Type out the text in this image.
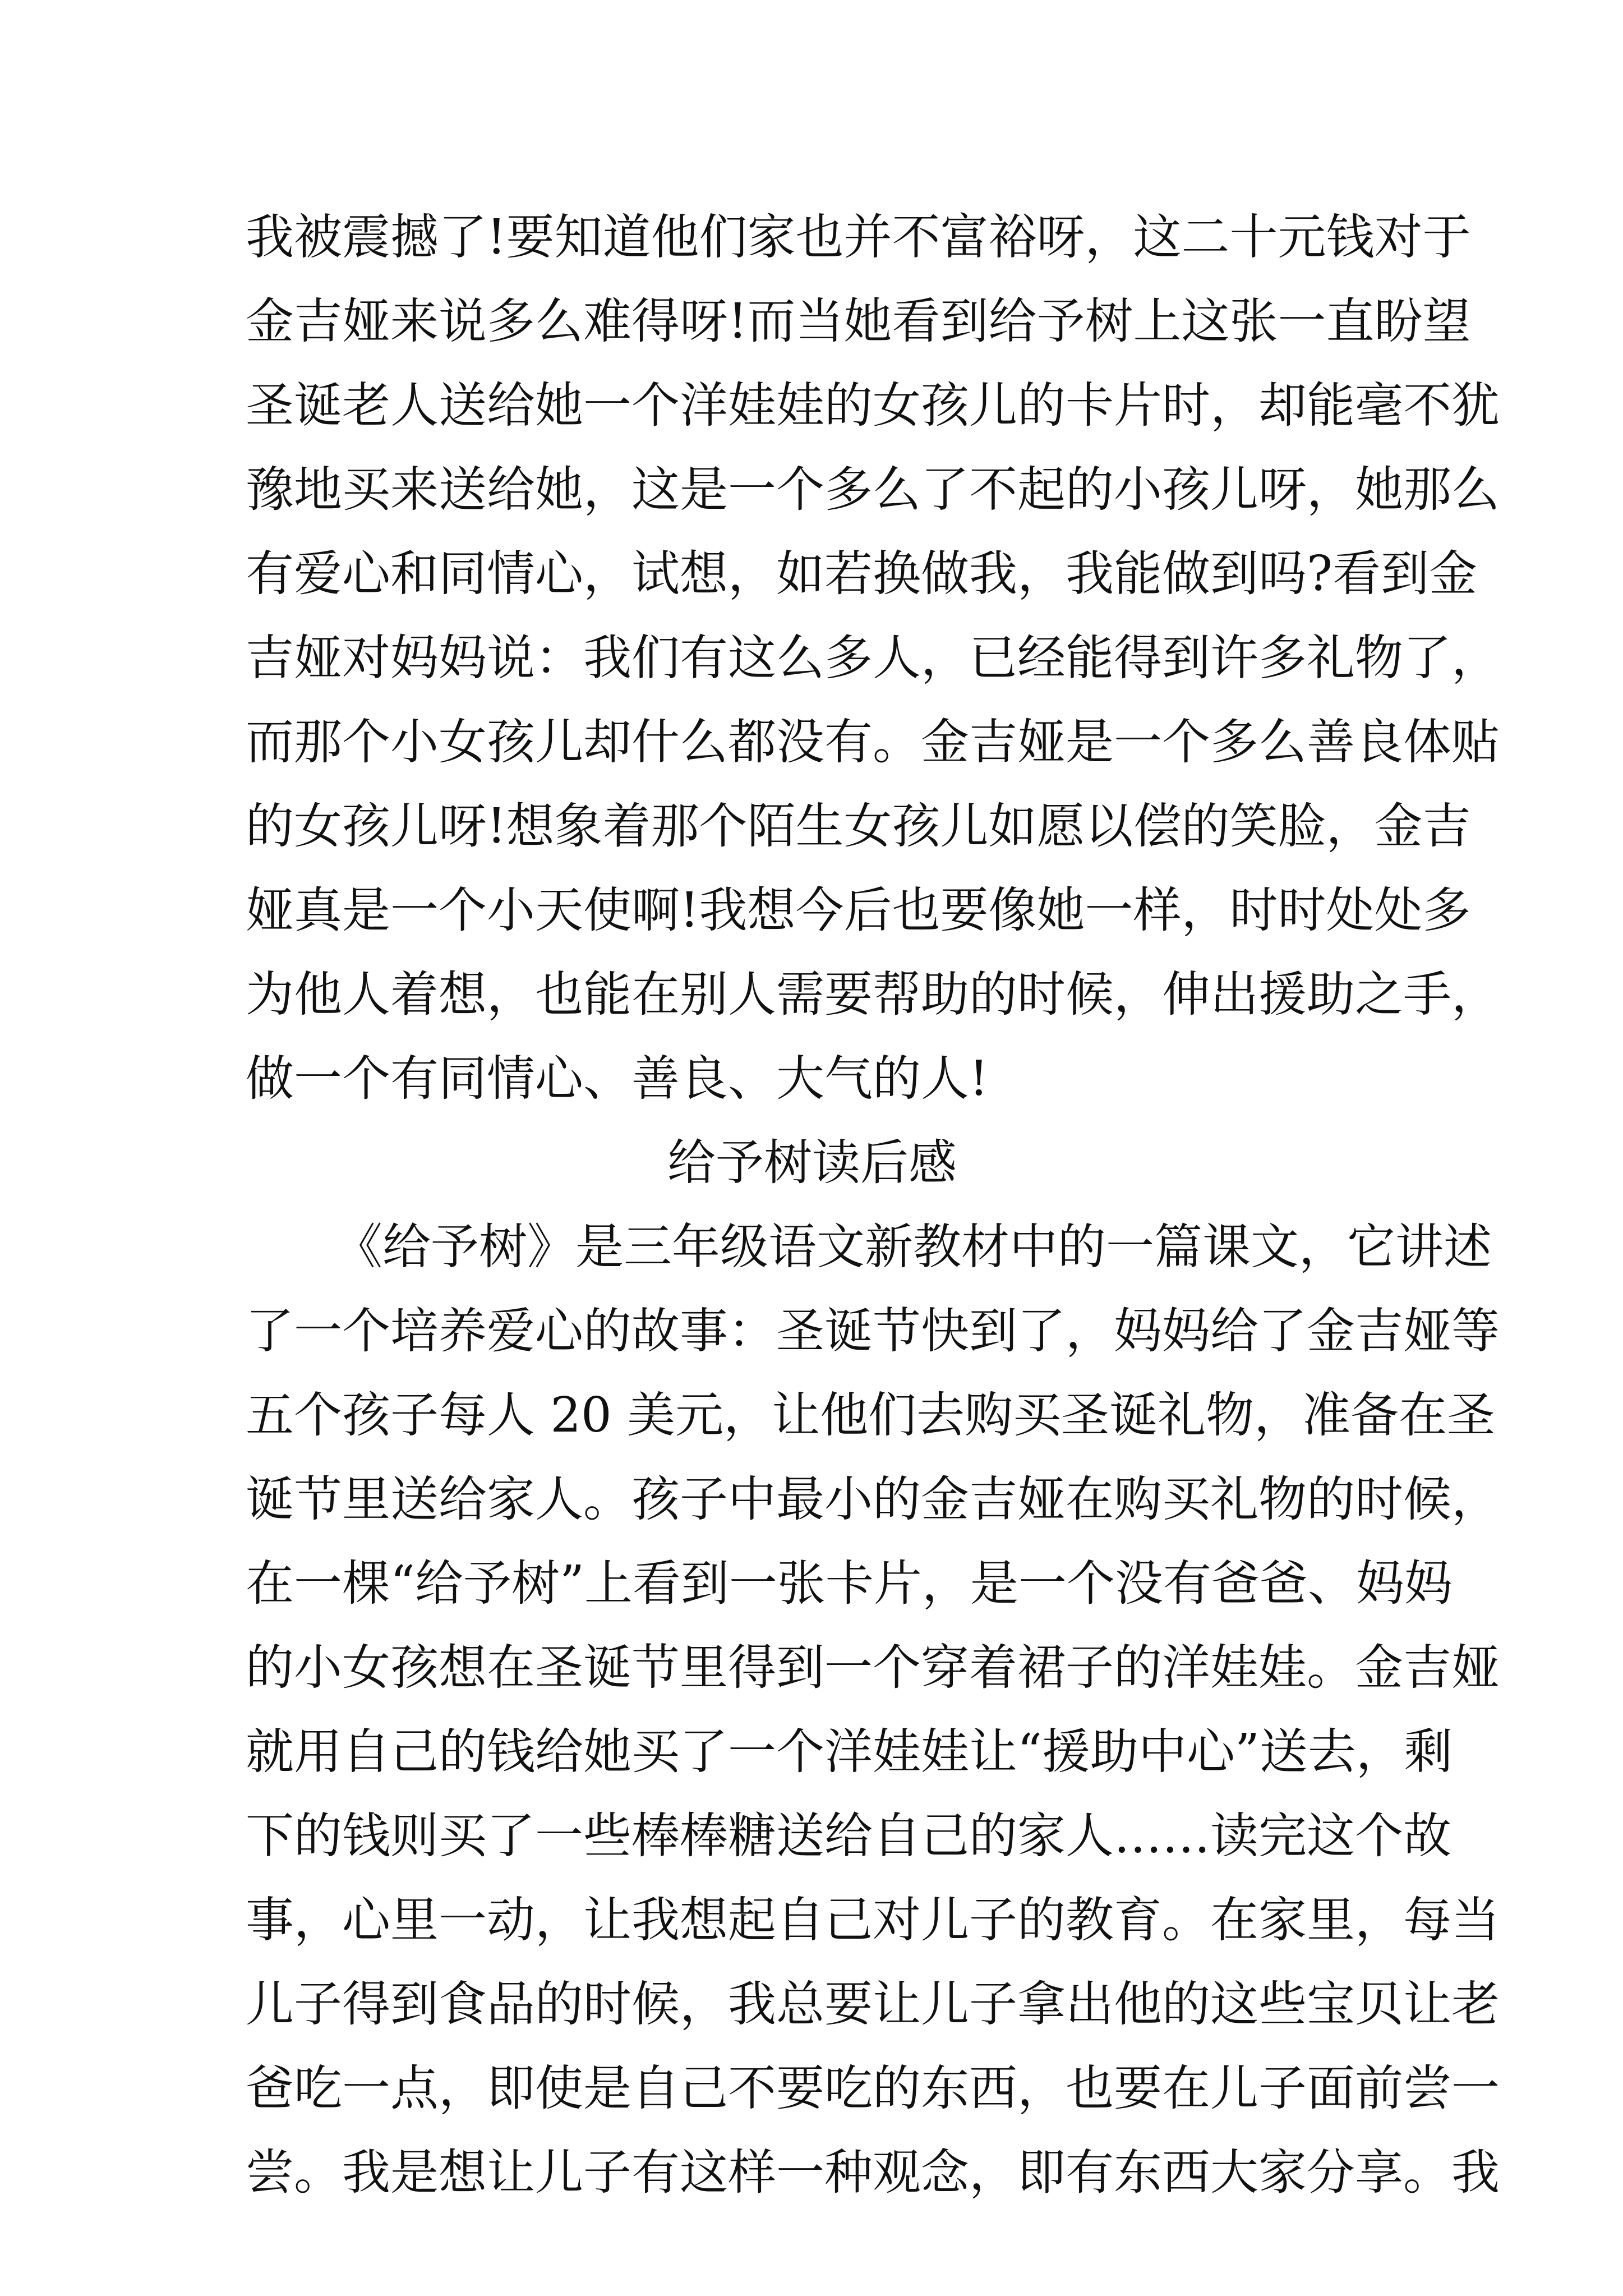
我被震撼了!要知道他们家也并不富裕呀，这二十元钱对于
金吉娅来说多么难得呀!而当她看到给予树上这张一直盼望
圣诞老人送给她一个洋娃娃的女孩儿的卡片时，却能毫不犹
豫地买来送给她，这是一个多么了不起的小孩儿呀，她那么
有爱心和同情心，试想，如若换做我，我能做到吗?看到金
吉娅对妈妈说：我们有这么多人，已经能得到许多礼物了，
而那个小女孩儿却什么都没有。金吉娅是一个多么善良体贴
的女孩儿呀!想象着那个陌生女孩儿如愿以偿的笑脸，金吉
娅真是一个小天使啊!我想今后也要像她一样，时时处处多
为他人着想，也能在别人需要帮助的时候，伸出援助之手，
做一个有同情心、善良、大气的人!
给予树读后感
《给予树》是三年级语文新教材中的一篇课文，它讲述
了一个培养爱心的故事：圣诞节快到了，妈妈给了金吉娅等
五个孩子每人 20 美元，让他们去购买圣诞礼物，准备在圣
诞节里送给家人。孩子中最小的金吉娅在购买礼物的时候，
在一棵“给予树”上看到一张卡片，是一个没有爸爸、妈妈
的小女孩想在圣诞节里得到一个穿着裙子的洋娃娃。金吉娅
就用自己的钱给她买了一个洋娃娃让“援助中心”送去，剩
下的钱则买了一些棒棒糖送给自己的家人……读完这个故
事，心里一动，让我想起自己对儿子的教育。在家里，每当
儿子得到食品的时候，我总要让儿子拿出他的这些宝贝让老
爸吃一点，即使是自己不要吃的东西，也要在儿子面前尝一
尝。我是想让儿子有这样一种观念，即有东西大家分享。我
